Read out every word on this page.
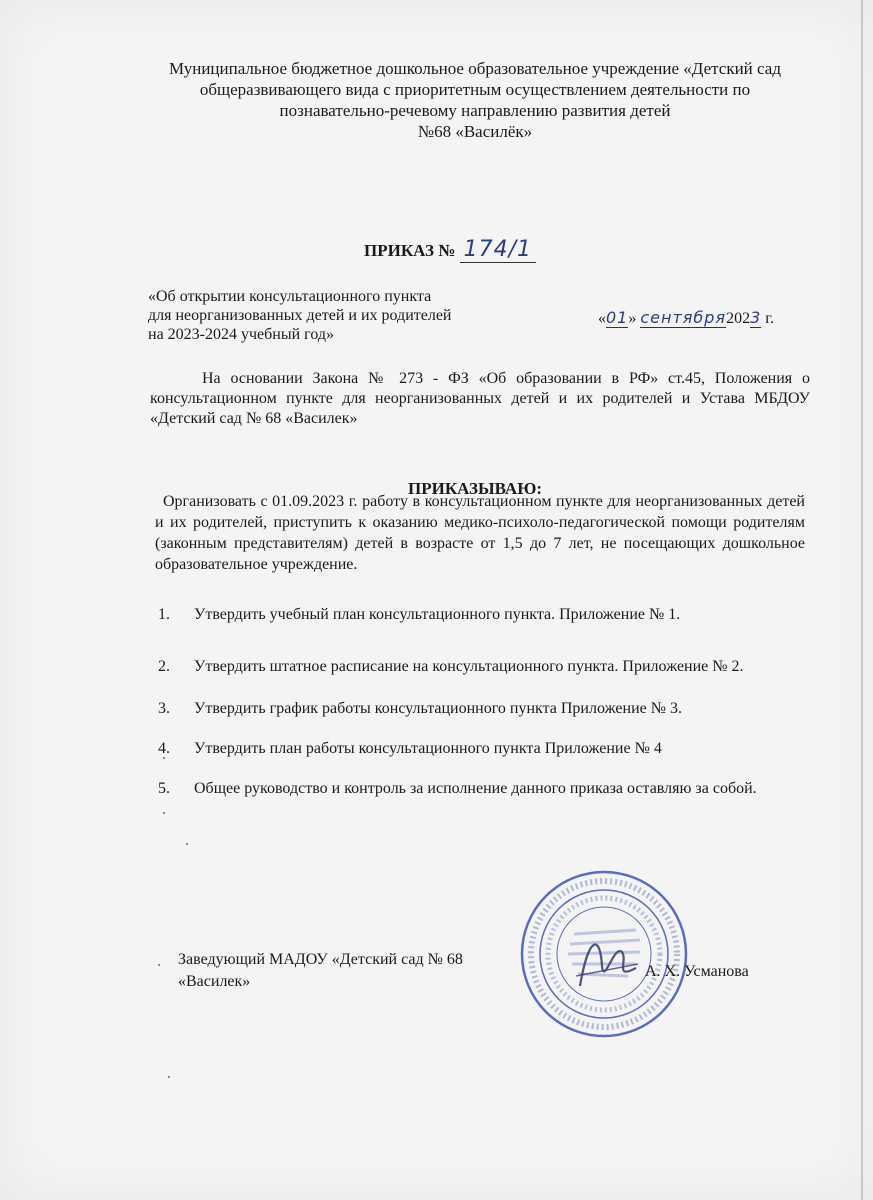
Муниципальное бюджетное дошкольное образовательное учреждение «Детский сад
общеразвивающего вида с приоритетным осуществлением деятельности по
познавательно-речевому направлению развития детей
№68 «Василёк»
ПРИКАЗ № 174/1
«Об открытии консультационного пункта
для неорганизованных детей и их родителей
на 2023-2024 учебный год»
«01» сентября2023 г.
На основании Закона № 273 - ФЗ «Об образовании в РФ» ст.45, Положения о консультационном пункте для неорганизованных детей и их родителей и Устава МБДОУ «Детский сад № 68 «Василек»
ПРИКАЗЫВАЮ:
Организовать с 01.09.2023 г. работу в консультационном пункте для неорганизованных детей и их родителей, приступить к оказанию медико-психоло-педагогической помощи родителям (законным представителям) детей в возрасте от 1,5 до 7 лет, не посещающих дошкольное образовательное учреждение.
1. Утвердить учебный план консультационного пункта. Приложение № 1.
2. Утвердить штатное расписание на консультационного пункта. Приложение № 2.
3. Утвердить график работы консультационного пункта Приложение № 3.
4. Утвердить план работы консультационного пункта Приложение № 4
5. Общее руководство и контроль за исполнение данного приказа оставляю за собой.
Заведующий МАДОУ «Детский сад № 68
«Василек»
А. Х. Усманова
